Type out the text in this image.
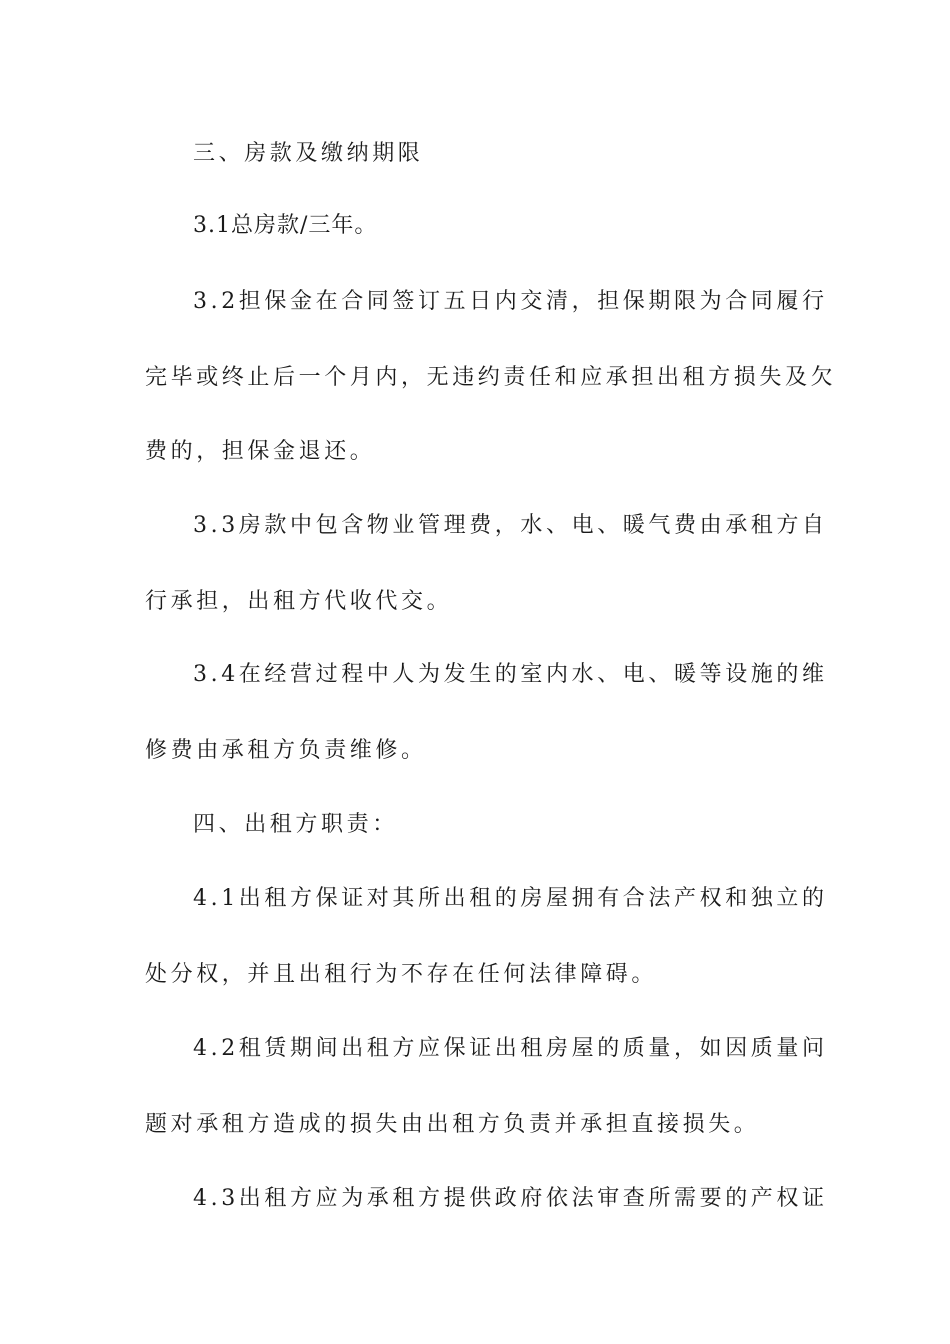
三、房款及缴纳期限
3.1总房款/三年。
3.2担保金在合同签订五日内交清，担保期限为合同履行
完毕或终止后一个月内，无违约责任和应承担出租方损失及欠
费的，担保金退还。
3.3房款中包含物业管理费，水、电、暖气费由承租方自
行承担，出租方代收代交。
3.4在经营过程中人为发生的室内水、电、暖等设施的维
修费由承租方负责维修。
四、出租方职责：
4.1出租方保证对其所出租的房屋拥有合法产权和独立的
处分权，并且出租行为不存在任何法律障碍。
4.2租赁期间出租方应保证出租房屋的质量，如因质量问
题对承租方造成的损失由出租方负责并承担直接损失。
4.3出租方应为承租方提供政府依法审查所需要的产权证
